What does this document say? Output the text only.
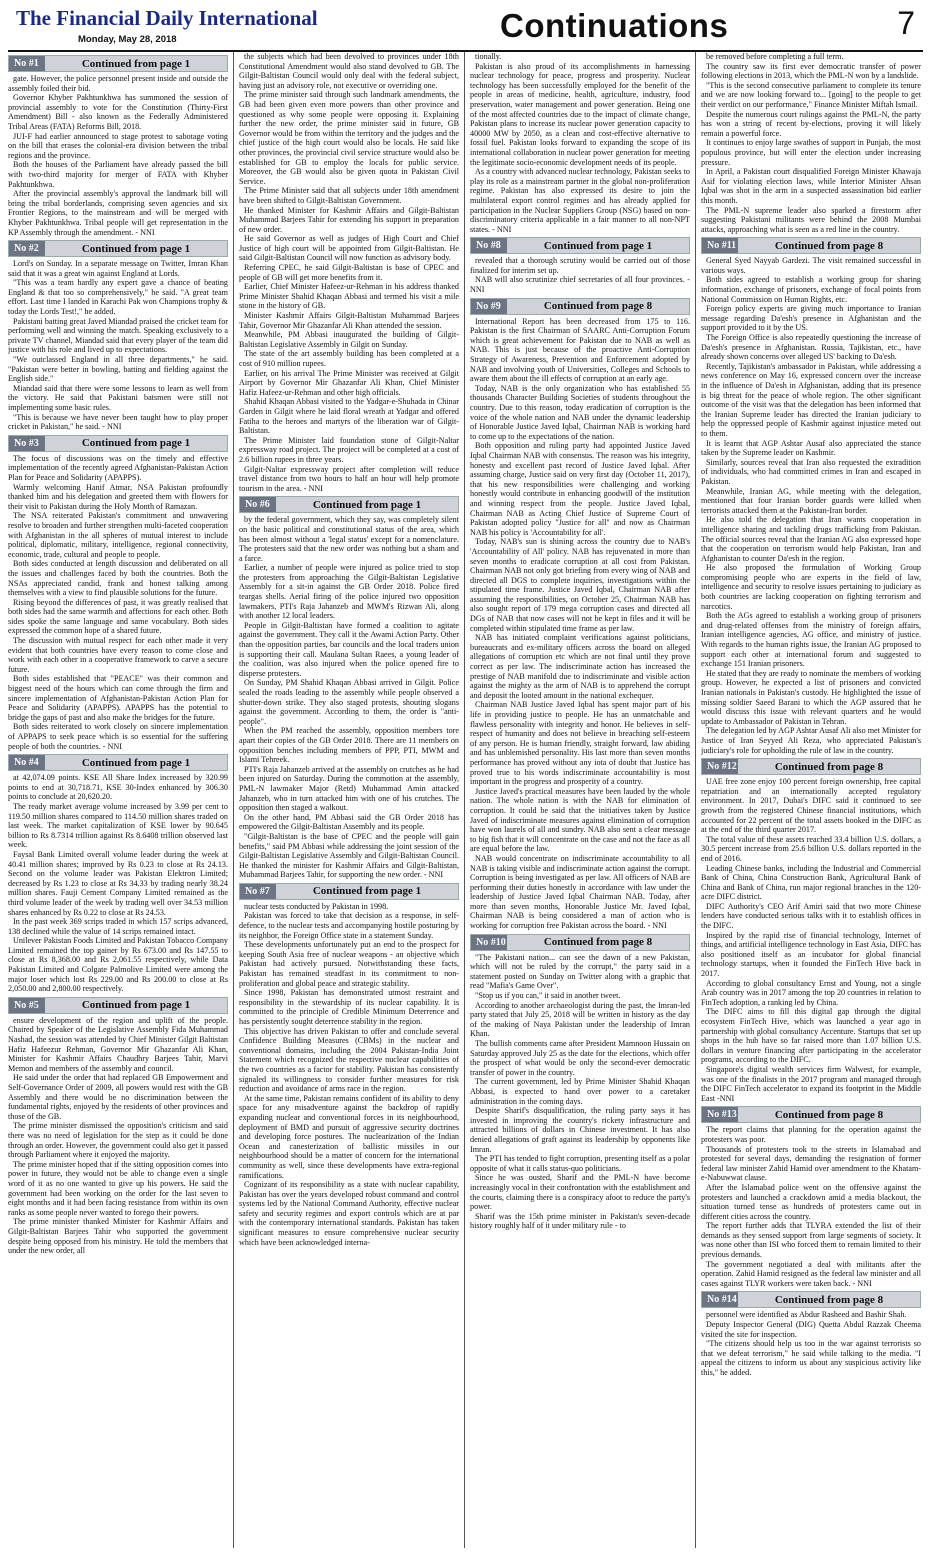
The Financial Daily International
Monday, May 28, 2018	Continuations	7
No #1	Continued from page 1

gate. However, the police personnel present inside and outside the assembly foiled their bid.

Governor Khyber Pakhtunkhwa has summoned the session of provincial assembly to vote for the Constitution (Thirty-First Amendment) Bill - also known as the Federally Administered Tribal Areas (FATA) Reforms Bill, 2018.

JUI-F had earlier announced to stage protest to sabotage voting on the bill that erases the colonial-era division between the tribal regions and the province.

Both the houses of the Parliament have already passed the bill with two-third majority for merger of FATA with Khyber Pakhtunkhwa.

After the provincial assembly's approval the landmark bill will bring the tribal borderlands, comprising seven agencies and six Frontier Regions, to the mainstream and will be merged with Khyber Pakhtunkhwa. Tribal people will get representation in the KP Assembly through the amendment. - NNI

No #2	Continued from page 1

Lord's on Sunday. In a separate message on Twitter, Imran Khan said that it was a great win against England at Lords.

"This was a team hardly any expert gave a chance of beating England & that too so comprehensively," he said. "A great team effort. Last time I landed in Karachi Pak won Champions trophy & today the Lords Test!," he added.

Pakistani batting great Javed Miandad praised the cricket team for performing well and winning the match. Speaking exclusively to a private TV channel, Miandad said that every player of the team did justice with his role and lived up to expectations.

"We outclassed England in all three departments," he said. "Pakistan were better in bowling, batting and fielding against the English side."

Miandad said that there were some lessons to learn as well from the victory. He said that Pakistani batsmen were still not implementing some basic rules.

"This is because we have never been taught how to play proper cricket in Pakistan," he said. - NNI

No #3	Continued from page 1

The focus of discussions was on the timely and effective implementation of the recently agreed Afghanistan-Pakistan Action Plan for Peace and Solidarity (APAPPS).

Warmly welcoming Hanif Atmar, NSA Pakistan profoundly thanked him and his delegation and greeted them with flowers for their visit to Pakistan during the Holy Month of Ramazan.

The NSA reiterated Pakistan's commitment and unwavering resolve to broaden and further strengthen multi-faceted cooperation with Afghanistan in the all spheres of mutual interest to include political, diplomatic, military, intelligence, regional connectivity, economic, trade, cultural and people to people.

Both sides conducted at length discussion and deliberated on all the issues and challenges faced by both the countries. Both the NSAs appreciated candid, frank and honest talking among themselves with a view to find plausible solutions for the future.

Rising beyond the differences of past, it was greatly realised that both sides had the same warmth and affections for each other. Both sides spoke the same language and same vocabulary. Both sides expressed the common hope of a shared future.

The discussion with mutual respect for each other made it very evident that both countries have every reason to come close and work with each other in a cooperative framework to carve a secure future.

Both sides established that "PEACE" was their common and biggest need of the hours which can come through the firm and sincere implementation of Afghanistan-Pakistan Action Plan for Peace and Solidarity (APAPPS). APAPPS has the potential to bridge the gaps of past and also make the bridges for the future.

Both sides reiterated to work closely on sincere implementation of APPAPS to seek peace which is so essential for the suffering people of both the countries. - NNI

No #4	Continued from page 1

at 42,074.09 points. KSE All Share Index increased by 320.99 points to end at 30,718.71, KSE 30-Index enhanced by 306.30 points to conclude at 20,620.20.

The ready market average volume increased by 3.99 per cent to 119.50 million shares compared to 114.50 million shares traded on last week. The market capitalization of KSE lower by 90.645 billion to Rs 8.7314 trillion against Rs 8.6408 trillion observed last week.

Faysal Bank Limited overall volume leader during the week at 40.41 million shares; improved by Rs 0.23 to close at Rs 24.13. Second on the volume leader was Pakistan Elektron Limited; decreased by Rs 1.23 to close at Rs 34.33 by trading nearly 38.24 million shares. Fauji Cement Company Limited remained as the third volume leader of the week by trading well over 34.53 million shares enhanced by Rs 0.22 to close at Rs 24.53.

In the past week 369 scrips traded in which 157 scrips advanced, 138 declined while the value of 14 scrips remained intact.

Unilever Pakistan Foods Limited and Pakistan Tobacco Company Limited remained the top gainer by Rs 673.00 and Rs 147.55 to close at Rs 8,368.00 and Rs 2,061.55 respectively, while Data Pakistan Limited and Colgate Palmolive Limited were among the major loser which lost Rs 229.00 and Rs 200.00 to close at Rs 2,050.00 and 2,800.00 respectively.

No #5	Continued from page 1

ensure development of the region and uplift of the people. Chaired by Speaker of the Legislative Assembly Fida Muhammad Nashad, the session was attended by Chief Minister Gilgit Baltistan Hafiz Hafeezur Rehman, Governor Mir Ghazanfar Ali Khan, Minister for Kashmir Affairs Chaudhry Barjees Tahir, Marvi Memon and members of the assembly and council.

He said under the order that had replaced GB Empowerment and Self-Governance Order of 2009, all powers would rest with the GB Assembly and there would be no discrimination between the fundamental rights, enjoyed by the residents of other provinces and those of the GB.

The prime minister dismissed the opposition's criticism and said there was no need of legislation for the step as it could be done through an order. However, the government could also get it passed through Parliament where it enjoyed the majority.

The prime minister hoped that if the sitting opposition comes into power in future, they would not be able to change even a single word of it as no one wanted to give up his powers. He said the government had been working on the order for the last seven to eight months and it had been facing resistance from within its own ranks as some people never wanted to forego their powers.

The prime minister thanked Minister for Kashmir Affairs and Gilgit-Baltistan Barjees Tahir who supported the government despite being opposed from his ministry. He told the members that under the new order, all

the subjects which had been devolved to provinces under 18th Constitutional Amendment would also stand devolved to GB. The Gilgit-Baltistan Council would only deal with the federal subject, having just an advisory role, not executive or overriding one.

The prime minister said through such landmark amendments, the GB had been given even more powers than other province and questioned as why some people were opposing it. Explaining further the new order, the prime minister said in future, GB Governor would be from within the territory and the judges and the chief justice of the high court would also be locals. He said like other provinces, the provincial civil service structure would also be established for GB to employ the locals for public service. Moreover, the GB would also be given quota in Pakistan Civil Service.

The Prime Minister said that all subjects under 18th amendment have been shifted to Gilgit-Baltistan Government.

He thanked Minister for Kashmir Affairs and Gilgit-Baltistan Muhammad Barjees Tahir for extending his support in preparation of new order.

He said Governor as well as judges of High Court and Chief Justice of high court will be appointed from Gilgit-Baltistan. He said Gilgit-Baltistan Council will now function as advisory body.

Referring CPEC, he said Gilgit-Baltistan is base of CPEC and people of GB will get more benefits from it.

Earlier, Chief Minister Hafeez-ur-Rehman in his address thanked Prime Minister Shahid Khaqan Abbasi and termed his visit a mile stone in the history of GB.

Minister Kashmir Affairs Gilgit-Baltistan Muhammad Barjees Tahir, Governor Mir Ghazanfar Ali Khan attended the session.

Meanwhile, PM Abbasi inaugurated the building of Gilgit-Baltistan Legislative Assembly in Gilgit on Sunday.

The state of the art assembly building has been completed at a cost of 910 million rupees.

Earlier, on his arrival The Prime Minister was received at Gilgit Airport by Governor Mir Ghazanfar Ali Khan, Chief Minister Hafiz Hafeez-ur-Rehman and other high officials.

Shahid Khaqan Abbasi visited to the Yadgar-e-Shuhada in Chinar Garden in Gilgit where he laid floral wreath at Yadgar and offered Fatiha to the heroes and martyrs of the liberation war of Gilgit-Baltistan.

The Prime Minister laid foundation stone of Gilgit-Naltar expressway road project. The project will be completed at a cost of 2.6 billion rupees in three years.

Gilgit-Naltar expressway project after completion will reduce travel distance from two hours to half an hour will help promote tourism in the area. - NNI

No #6	Continued from page 1

by the federal government, which they say, was completely silent on the basic political and constitutional status of the area, which has been almost without a 'legal status' except for a nomenclature. The protesters said that the new order was nothing but a sham and a farce.

Earlier, a number of people were injured as police tried to stop the protesters from approaching the Gilgit-Baltistan Legislative Assembly for a sit-in against the GB Order 2018. Police fired teargas shells. Aerial firing of the police injured two opposition lawmakers, PTI's Raja Jahanzeb and MWM's Rizwan Ali, along with another 12 local leaders.

People in Gilgit-Baltistan have formed a coalition to agitate against the government. They call it the Awami Action Party. Other than the opposition parties, bar councils and the local traders union is supporting their call. Maulana Sultan Raees, a young leader of the coalition, was also injured when the police opened fire to disperse protesters.

On Sunday, PM Shahid Khaqan Abbasi arrived in Gilgit. Police sealed the roads leading to the assembly while people observed a shutter-down strike. They also staged protests, shouting slogans against the government. According to them, the order is "anti-people".

When the PM reached the assembly, opposition members tore apart their copies of the GB Order 2018. There are 11 members on opposition benches including members of PPP, PTI, MWM and Islami Tehreek.

PTI's Raja Jahanzeb arrived at the assembly on crutches as he had been injured on Saturday. During the commotion at the assembly, PML-N lawmaker Major (Retd) Muhammad Amin attacked Jahanzeb, who in turn attacked him with one of his crutches. The opposition then staged a walkout.

On the other hand, PM Abbasi said the GB Order 2018 has empowered the Gilgit-Baltistan Assembly and its people.

"Gilgit-Baltistan is the base of CPEC and the people will gain benefits," said PM Abbasi while addressing the joint session of the Gilgit-Baltistan Legislative Assembly and Gilgit-Baltistan Council. He thanked the minister for Kashmir Affairs and Gilgit-Baltistan, Muhammad Barjees Tahir, for supporting the new order. - NNI

No #7	Continued from page 1

nuclear tests conducted by Pakistan in 1998.

Pakistan was forced to take that decision as a response, in self-defence, to the nuclear tests and accompanying hostile posturing by its neighbor, the Foreign Office state in a statement Sunday.

These developments unfortunately put an end to the prospect for keeping South Asia free of nuclear weapons - an objective which Pakistan had actively pursued. Notwithstanding these facts, Pakistan has remained steadfast in its commitment to non-proliferation and global peace and strategic stability.

Since 1998, Pakistan has demonstrated utmost restraint and responsibility in the stewardship of its nuclear capability. It is committed to the principle of Credible Minimum Deterrence and has persistently sought deterrence stability in the region.

This objective has driven Pakistan to offer and conclude several Confidence Building Measures (CBMs) in the nuclear and conventional domains, including the 2004 Pakistan-India Joint Statement which recognized the respective nuclear capabilities of the two countries as a factor for stability. Pakistan has consistently signaled its willingness to consider further measures for risk reduction and avoidance of arms race in the region.

At the same time, Pakistan remains confident of its ability to deny space for any misadventure against the backdrop of rapidly expanding nuclear and conventional forces in its neighbourhood, deployment of BMD and pursuit of aggressive security doctrines and developing force postures. The nuclearization of the Indian Ocean and canesterization of ballistic missiles in our neighbourhood should be a matter of concern for the international community as well, since these developments have extra-regional ramifications.

Cognizant of its responsibility as a state with nuclear capability, Pakistan has over the years developed robust command and control systems led by the National Command Authority, effective nuclear safety and security regimes and export controls which are at par with the contemporary international standards. Pakistan has taken significant measures to ensure comprehensive nuclear security which have been acknowledged interna-

tionally.

Pakistan is also proud of its accomplishments in harnessing nuclear technology for peace, progress and prosperity. Nuclear technology has been successfully employed for the benefit of the people in areas of medicine, health, agriculture, industry, food preservation, water management and power generation. Being one of the most affected countries due to the impact of climate change, Pakistan plans to increase its nuclear power generation capacity to 40000 MW by 2050, as a clean and cost-effective alternative to fossil fuel. Pakistan looks forward to expanding the scope of its international collaboration in nuclear power generation for meeting the legitimate socio-economic development needs of its people.

As a country with advanced nuclear technology, Pakistan seeks to play its role as a mainstream partner in the global non-proliferation regime. Pakistan has also expressed its desire to join the multilateral export control regimes and has already applied for participation in the Nuclear Suppliers Group (NSG) based on non-discriminatory criteria applicable in a fair manner to all non-NPT states. - NNI

No #8	Continued from page 1

revealed that a thorough scrutiny would be carried out of those finalized for interim set up.

NAB will also scrutinize chief secretaries of all four provinces. - NNI

No #9	Continued from page 8

International Report has been decreased from 175 to 116. Pakistan is the first Chairman of SAARC Anti-Corruption Forum which is great achievement for Pakistan due to NAB as well as NAB. This is just because of the proactive Anti-Corruption Strategy of Awareness, Prevention and Enforcement adopted by NAB and involving youth of Universities, Colleges and Schools to aware them about the ill effects of corruption at an early age.

Today, NAB is the only organization who has established 55 thousands Character Building Societies of students throughout the country. Due to this reason, today eradication of corruption is the voice of the whole nation and NAB under the dynamic leadership of Honorable Justice Javed Iqbal, Chairman NAB is working hard to come up to the expectations of the nation.

Both opposition and ruling party had appointed Justice Javed Iqbal Chairman NAB with consensus. The reason was his integrity, honesty and excellent past record of Justice Javed Iqbal. After assuming charge, Justice said on very first day (October 11, 2017), that his new responsibilities were challenging and working honestly would contribute in enhancing goodwill of the institution and winning respect from the people. Justice Javed Iqbal, Chairman NAB as Acting Chief Justice of Supreme Court of Pakistan adopted policy "Justice for all" and now as Chairman NAB his policy is 'Accountability for all'.

Today, NAB's sun is shining across the country due to NAB's 'Accountability of All' policy. NAB has rejuvenated in more than seven months to eradicate corruption at all cost from Pakistan. Chairman NAB not only got briefing from every wing of NAB and directed all DGS to complete inquiries, investigations within the stipulated time frame. Justice Javed Iqbal, Chairman NAB after assuming the responsibilities, on October 25, Chairman NAB has also sought report of 179 mega corruption cases and directed all DGs of NAB that now cases will not be kept in files and it will be completed within stipulated time frame as per law.

NAB has initiated complaint verifications against politicians, bureaucrats and ex-military officers across the board on alleged allegations of corruption etc which are not final until they prove correct as per law. The indiscriminate action has increased the prestige of NAB manifold due to indiscriminate and visible action against the mighty as the arm of NAB is to apprehend the corrupt and deposit the looted amount in the national exchequer.

Chairman NAB Justice Javed Iqbal has spent major part of his life in providing justice to people. He has an unmatchable and flawless personality with integrity and honor. He believes in self-respect of humanity and does not believe in breaching self-esteem of any person. He is human friendly, straight forward, law abiding and has unblemished personality. His last more than seven months performance has proved without any iota of doubt that Justice has proved true to his words indiscriminate accountability is most important in the progress and prosperity of a country.

Justice Javed's practical measures have been lauded by the whole nation. The whole nation is with the NAB for elimination of corruption. It could be said that the initiatives taken by Justice Javed of indiscriminate measures against elimination of corruption have won laurels of all and sundry. NAB also sent a clear message to big fish that it will concentrate on the case and not the face as all are equal before the law.

NAB would concentrate on indiscriminate accountability to all NAB is taking visible and indiscriminate action against the corrupt. Corruption is being investigated as per law. All officers of NAB are performing their duties honestly in accordance with law under the leadership of Justice Javed Iqbal Chairman NAB. Today, after more than seven months, Honorable Justice Mr. Javed Iqbal, Chairman NAB is being considered a man of action who is working for corruption free Pakistan across the board. - NNI

No #10	Continued from page 8

"The Pakistani nation... can see the dawn of a new Pakistan, which will not be ruled by the corrupt," the party said in a statement posted on Sunday on Twitter along with a graphic that read "Mafia's Game Over".

"Stop us if you can," it said in another tweet.

According to another archaeologist during the past, the Imran-led party stated that July 25, 2018 will be written in history as the day of the making of Naya Pakistan under the leadership of Imran Khan.

The bullish comments came after President Mamnoon Hussain on Saturday approved July 25 as the date for the elections, which offer the prospect of what would be only the second-ever democratic transfer of power in the country.

The current government, led by Prime Minister Shahid Khaqan Abbasi, is expected to hand over power to a caretaker administration in the coming days.

Despite Sharif's disqualification, the ruling party says it has invested in improving the country's rickety infrastructure and attracted billions of dollars in Chinese investment. It has also denied allegations of graft against its leadership by opponents like Imran.

The PTI has tended to fight corruption, presenting itself as a polar opposite of what it calls status-quo politicians.

Since he was ousted, Sharif and the PML-N have become increasingly vocal in their confrontation with the establishment and the courts, claiming there is a conspiracy afoot to reduce the party's power.

Sharif was the 15th prime minister in Pakistan's seven-decade history roughly half of it under military rule - to

be removed before completing a full term.

The country saw its first ever democratic transfer of power following elections in 2013, which the PML-N won by a landslide.

"This is the second consecutive parliament to complete its tenure and we are now looking forward to... [going] to the people to get their verdict on our performance," Finance Minister Miftah Ismail.

Despite the numerous court rulings against the PML-N, the party has won a string of recent by-elections, proving it will likely remain a powerful force.

It continues to enjoy large swathes of support in Punjab, the most populous province, but will enter the election under increasing pressure.

In April, a Pakistan court disqualified Foreign Minister Khawaja Asif for violating election laws, while Interior Minister Ahsan Iqbal was shot in the arm in a suspected assassination bid earlier this month.

The PML-N supreme leader also sparked a firestorm after suggesting Pakistani militants were behind the 2008 Mumbai attacks, approaching what is seen as a red line in the country.

No #11	Continued from page 8

General Syed Nayyab Gardezi. The visit remained successful in various ways.

Both sides agreed to establish a working group for sharing information, exchange of prisoners, exchange of focal points from National Commission on Human Rights, etc.

Foreign policy experts are giving much importance to Iranian message regarding Da'esh's presence in Afghanistan and the support provided to it by the US.

The Foreign Office is also repeatedly questioning the increase of Da'esh's presence in Afghanistan. Russia, Tajikistan, etc., have already shown concerns over alleged US' backing to Da'esh.

Recently, Tajikistan's ambassador in Pakistan, while addressing a news conference on May 16, expressed concern over the increase in the influence of Da'esh in Afghanistan, adding that its presence is big threat for the peace of whole region. The other significant outcome of the visit was that the delegation has been informed that the Iranian Supreme leader has directed the Iranian judiciary to help the oppressed people of Kashmir against injustice meted out to them.

It is learnt that AGP Ashtar Ausaf also appreciated the stance taken by the Supreme leader on Kashmir.

Similarly, sources reveal that Iran also requested the extradition of individuals, who had committed crimes in Iran and escaped in Pakistan.

Meanwhile, Iranian AG, while meeting with the delegation, mentioned that four Iranian border guards were killed when terrorists attacked them at the Pakistan-Iran border.

He also told the delegation that Iran wants cooperation in intelligence sharing and tackling drugs trafficking from Pakistan. The official sources reveal that the Iranian AG also expressed hope that the cooperation on terrorism would help Pakistan, Iran and Afghanistan to counter Da'esh in the region.

He also proposed the formulation of Working Group compromising people who are experts in the field of law, intelligence and security to resolve issues pertaining to judiciary as both countries are lacking cooperation on fighting terrorism and narcotics.

Both the AGs agreed to establish a working group of prisoners and drug-related offenses from the ministry of foreign affairs, Iranian intelligence agencies, AG office, and ministry of justice. With regards to the human rights issue, the Iranian AG proposed to support each other at international forum and suggested to exchange 151 Iranian prisoners.

He stated that they are ready to nominate the members of working group. However, he expected a list of prisoners and convicted Iranian nationals in Pakistan's custody. He highlighted the issue of missing soldier Saeed Barani to which the AGP assured that he would discuss this issue with relevant quarters and he would update to Ambassador of Pakistan in Tehran.

The delegation led by AGP Ashtar Ausaf Ali also met Minister for Justice of Iran Seyyed Ali Reza, who appreciated Pakistan's judiciary's role for upholding the rule of law in the country.

No #12	Continued from page 8

UAE free zone enjoy 100 percent foreign ownership, free capital repatriation and an internationally accepted regulatory environment. In 2017, Dubai's DIFC said it continued to see growth from the registered Chinese financial institutions, which accounted for 22 percent of the total assets booked in the DIFC as at the end of the third quarter 2017.

The total value of these assets reached 33.4 billion U.S. dollars, a 30.5 percent increase from 25.6 billion U.S. dollars reported in the end of 2016.

Leading Chinese banks, including the Industrial and Commercial Bank of China, China Construction Bank, Agricultural Bank of China and Bank of China, run major regional branches in the 120-acre DIFC district.

DIFC Authority's CEO Arif Amiri said that two more Chinese lenders have conducted serious talks with it to establish offices in the DIFC.

Inspired by the rapid rise of financial technology, Internet of things, and artificial intelligence technology in East Asia, DIFC has also positioned itself as an incubator for global financial technology startups, when it founded the FinTech Hive back in 2017.

According to global consultancy Ernst and Young, not a single Arab country was in 2017 among the top 20 countries in relation to FinTech adoption, a ranking led by China.

The DIFC aims to fill this digital gap through the digital ecosystem FinTech Hive, which was launched a year ago in partnership with global consultancy Accenture. Startups that set up shops in the hub have so far raised more than 1.07 billion U.S. dollars in venture financing after participating in the accelerator programs, according to the DIFC.

Singapore's digital wealth services firm Walwest, for example, was one of the finalists in the 2017 program and managed through the DIFC FinTech accelerator to expand its footprint in the Middle East -NNI

No #13	Continued from page 8

The report claims that planning for the operation against the protesters was poor.

Thousands of protesters took to the streets in Islamabad and protested for several days, demanding the resignation of former federal law minister Zahid Hamid over amendment to the Khatam-e-Nabuwwat clause.

After the Islamabad police went on the offensive against the protesters and launched a crackdown amid a media blackout, the situation turned tense as hundreds of protesters came out in different cities across the country.

The report further adds that TLYRA extended the list of their demands as they sensed support from large segments of society. It was none other than ISI who forced them to remain limited to their previous demands.

The government negotiated a deal with militants after the operation. Zahid Hamid resigned as the federal law minister and all cases against TLYR workers were taken back. - NNI

No #14	Continued from page 8

personnel were identified as Abdur Rasheed and Bashir Shah.

Deputy Inspector General (DIG) Quetta Abdul Razzak Cheema visited the site for inspection.

"The citizens should help us too in the war against terrorists so that we defeat terrorism," he said while talking to the media. "I appeal the citizens to inform us about any suspicious activity like this," he added.
